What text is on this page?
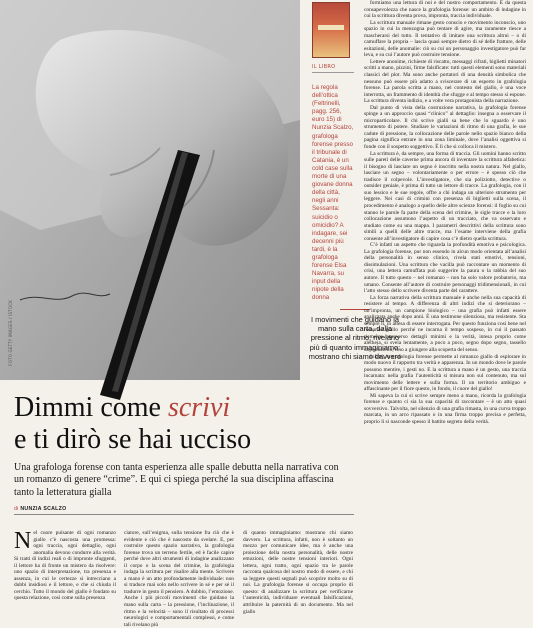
FOTO GETTY IMAGES / ISTOCK
IL LIBRO
La regola dell’ottica (Feltrinelli, pagg. 256, euro 15) di Nunzia Scalzo, grafologa forense presso il tribunale di Catania, è un cold case sulla morte di una giovane donna della città, negli anni Sessanta: suicidio o omicidio? A indagare, sei decenni più tardi, è la grafologa forense Elsa Navarra, su input della nipote della donna
I movimenti che guidano la mano sulla carta, dalla pressione al ritmo, rivelano più di quanto immaginiamo: mostrano chi siamo davvero

formiamo una lettura di noi e del nostro comportamento. È da questa consapevolezza che nasce la grafologia forense: un ambito di indagine in cui la scrittura diventa prova, impronta, traccia individuale.

La scrittura manuale rimane gesto conscio e movimento inconscio, uno spazio in cui la menzogna può tentare di agire, ma raramente riesce a mascherarsi del tutto. Il tentativo di imitare una scrittura altrui – o di camuffare la propria – lascia quasi sempre dietro di sé delle fratture, delle esitazioni, delle anomalie: ciò su cui un personaggio investigatore può far leva, e su cui l’autore può costruire tensione.

Lettere anonime, richieste di riscatto, messaggi cifrati, biglietti minatori scritti a mano, pizzini, firme falsificate: tutti questi elementi sono materiali classici del plot. Ma sono anche portatori di una densità simbolica che nessuno può essere più adatto a sviscerare di un esperto in grafologia forense. La parola scritta a mano, nel contesto del giallo, è una voce interrotta, un frammento di identità che sfugge e al tempo stesso si espone. La scrittura diventa indizio, e a volte vera protagonista della narrazione.

Dal punto di vista della costruzione narrativa, la grafologia forense spinge a un approccio quasi “clinico” al dettaglio: insegna a osservare il micropartìcolare. Il chi scrive gialli sa bene che lo sguardo è uno strumento di potere. Studiare le variazioni di ritmo di una grafia, le sue cadute di pressione, la collocazione delle parole nello spazio bianco della pagina significa entrare in una zona liminale, dove l’analisi oggettiva si fonde con il sospetto soggettivo. È lì che si colloca il mistero.

La scrittura è, da sempre, una forma di traccia. Gli uomini hanno scritto sulle pareti delle caverne prima ancora di inventare la scrittura alfabetica: il bisogno di lasciare un segno è inscritto nella nostra natura. Nel giallo, lasciare un segno – volontariamente o per errore – è spesso ciò che tradisce il colpevole. L’investigatore, che sia poliziotto, detective o outsider geniale, è prima di tutto un lettore di tracce. La grafologia, con il suo lessico e le sue regole, offre a chi indaga un ulteriore strumento per leggere. Nei casi di crimini con presenza di biglietti sulla scena, il procedimento è analogo a quello delle altre scienze forensi: il foglio su cui stanno le parole fa parte della scena del crimine, le sigle tracce e la loro collocazione assumono l’aspetto di un tracciato, che va osservato e studiato come su una mappa. I parametri descrittivi della scrittura sono simili a quelli delle altre tracce, ma l’esame interviene della grafia consente all’investigatore di capire cosa c’è dietro quella scrittura.

C’è infatti un aspetto che riguarda la profondità emotiva e psicologica. La grafologia forense, pur non essendo in alcun modo orientata all’analisi della personalità in senso clinico, rivela stati emotivi, tensioni, dissimulazioni. Una scrittura che vacilla può raccontare un momento di crisi, una lettera camuffata può suggerire la paura o la rabbia del suo autore. Il tutto questo – nel romanzo – non ha solo valore probatorio, ma umano. Consente all’autore di costruire personaggi tridimensionali, in cui l’atto stesso dello scrivere diventa parte del carattere.

La forza narrativa della scrittura manuale è anche nella sua capacità di resistere al tempo. A differenza di altri indizi che si deteriorano – un’impronta, un campione biologico – una grafia può infatti essere analizzata anche dopo anni. È una testimone silenziosa, ma resistente. Sta sempre lì, in attesa di essere interrogata. Per questo funziona così bene nel romanzo giallo perché ne incarna il tempo sospeso, in cui il passato riemerge attraverso dettagli minimi e la verità, intesa proprio come alètheia, si svela lentamente, a poco a poco, segno dopo segno, tassello dopo tassello, fino a giungere alla scoperta del senso.

Infatti, la grafologia forense permette al romanzo giallo di esplorare in modo nuovo il rapporto tra verità e apparenza. In un mondo dove le parole possono mentire, i gesti no. E la scrittura a mano è un gesto, una traccia incarnata: nella grafia l’autenticità si misura non sul contenuto, ma sul movimento delle lettere e sulla forma. Il un territorio ambiguo e affascinante per il fiore questo, in fondo, il cuore del giallo!

Mi sapeva la cui si scrive sempre meno a mano, ricorda la grafologia forense e quanto ci sia la sua capacità di raccontare – è un atto quasi sovversivo. Talvolta, nel silenzio di una grafia rimasta, in una curva troppo marcata, in un arco ripassato o in una firma troppo precisa e perfetta, proprio lì si nasconde spesso il battito segreto della verità.

Dimmi come scrivi
e ti dirò se hai ucciso
Una grafologa forense con tanta esperienza alle spalle debutta nella narrativa con un romanzo di genere “crime”. E qui ci spiega perché la sua disciplina affascina tanto la letteratura gialla
di NUNZIA SCALZO

Nel cuore pulsante di ogni romanzo giallo c’è nascosta una promessa: ogni traccia, ogni dettaglio, ogni anomalia devono condurre alla verità. Si tratti di indizi reali o di impronte sfuggenti, il lettore ha di fronte un mistero da risolvere: uno spazio di interpretazione, tra presenza e assenza, in cui le certezze si intrecciano a dubbi insidiosi e il lettore, e che si chiuda il cerchio. Tutto il mondo del giallo è fondato su questa relazione, così come sulla presenza

ciatore, sull’enigma, sulla tensione fra ciò che è evidente e ciò che è nascosto da svelare. E, per costruire questo spazio narrativo, la grafologia forense trova un terreno fertile, ed è facile capire perché dove altri strumenti di indagine analizzano il corpo o la scena del crimine, la grafologia indaga la scrittura per risalire alla mente. Scrivere a mano è un atto profondamente individuale: non si traduce mai solo nello scrivere in sé e per sé il tradurre in gesto il pensiero. A dubbio, l’emozione. Anche i più piccoli movimenti che guidano la mano sulla carta – la pressione, l’inclinazione, il ritmo e la velocità – sono il risultato di processi neurologici e comportamentali complessi, e come tali rivelano più

di quanto immaginiamo: mostrano chi siamo davvero. La scrittura, infatti, non è soltanto un mezzo per comunicare idee, ma è anche una proiezione della nostra personalità, delle nostre emozioni, delle nostre tensioni interiori. Ogni lettera, ogni tratto, ogni spazio tra le parole racconta qualcosa del nostro modo di essere, e chi sa leggere questi segnali può scoprire molto su di noi. La grafologia forense si occupa proprio di questo: di analizzare la scrittura per verificarne l’autenticità, individuare eventuali falsificazioni, attribuire la paternità di un documento. Ma nel giallo
